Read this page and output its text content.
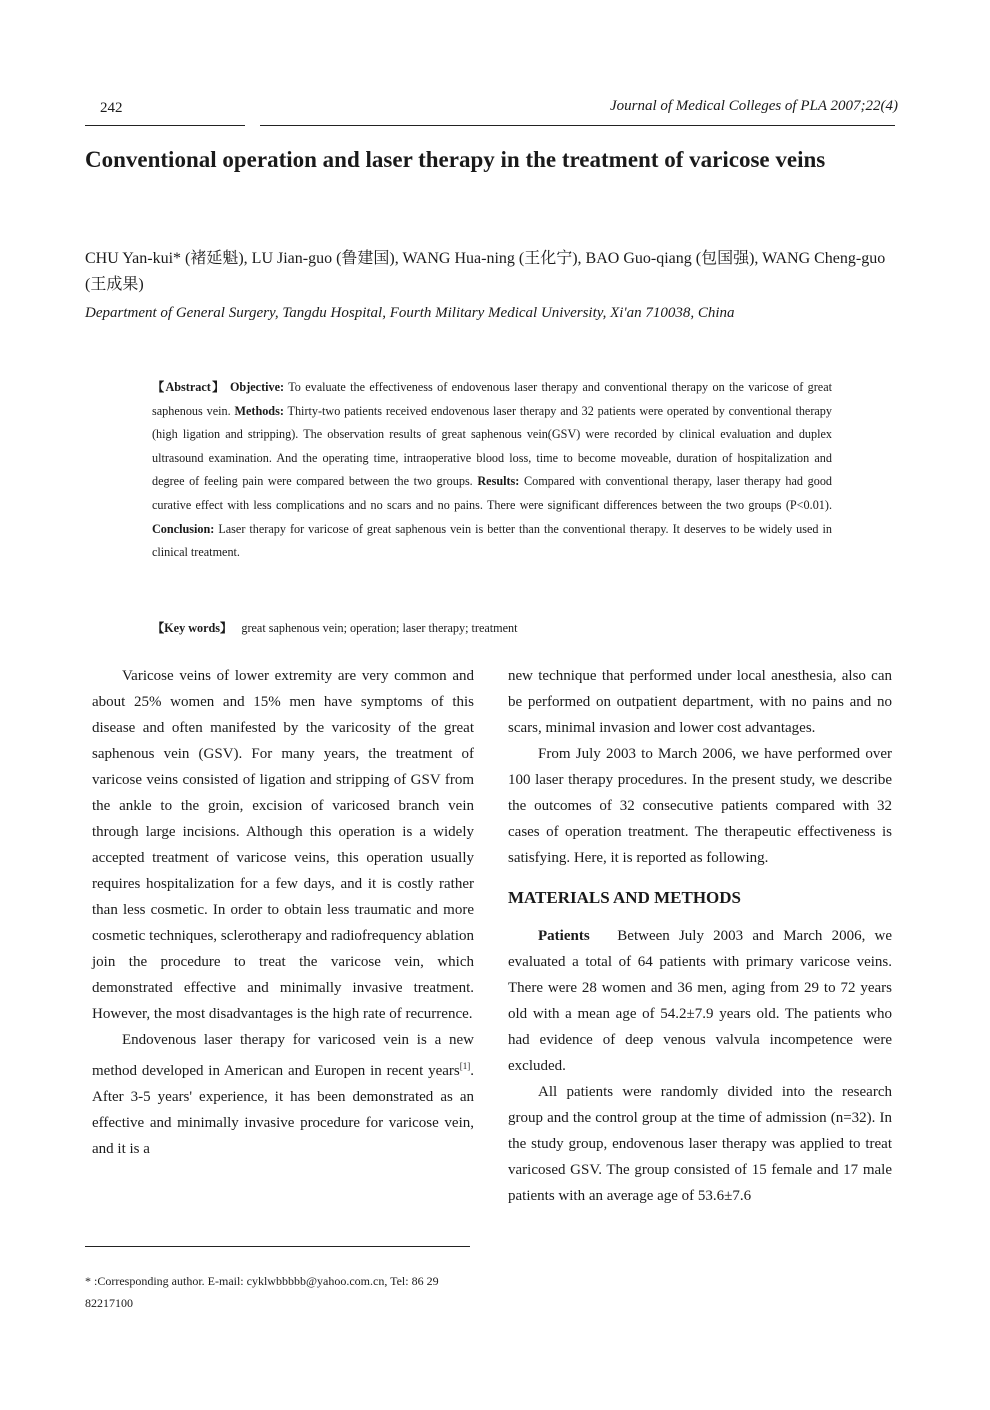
242	Journal of Medical Colleges of PLA 2007;22(4)
Conventional operation and laser therapy in the treatment of varicose veins
CHU Yan-kui* (褚延魁), LU Jian-guo (鲁建国), WANG Hua-ning (王化宁), BAO Guo-qiang (包国强), WANG Cheng-guo (王成果)
Department of General Surgery, Tangdu Hospital, Fourth Military Medical University, Xi'an 710038, China
【Abstract】 Objective: To evaluate the effectiveness of endovenous laser therapy and conventional therapy on the varicose of great saphenous vein. Methods: Thirty-two patients received endovenous laser therapy and 32 patients were operated by conventional therapy (high ligation and stripping). The observation results of great saphenous vein(GSV) were recorded by clinical evaluation and duplex ultrasound examination. And the operating time, intraoperative blood loss, time to become moveable, duration of hospitalization and degree of feeling pain were compared between the two groups. Results: Compared with conventional therapy, laser therapy had good curative effect with less complications and no scars and no pains. There were significant differences between the two groups (P<0.01). Conclusion: Laser therapy for varicose of great saphenous vein is better than the conventional therapy. It deserves to be widely used in clinical treatment.
【Key words】 great saphenous vein; operation; laser therapy; treatment

Varicose veins of lower extremity are very common and about 25% women and 15% men have symptoms of this disease and often manifested by the varicosity of the great saphenous vein (GSV). For many years, the treatment of varicose veins consisted of ligation and stripping of GSV from the ankle to the groin, excision of varicosed branch vein through large incisions. Although this operation is a widely accepted treatment of varicose veins, this operation usually requires hospitalization for a few days, and it is costly rather than less cosmetic. In order to obtain less traumatic and more cosmetic techniques, sclerotherapy and radiofrequency ablation join the procedure to treat the varicose vein, which demonstrated effective and minimally invasive treatment. However, the most disadvantages is the high rate of recurrence.

Endovenous laser therapy for varicosed vein is a new method developed in American and Europen in recent years[1]. After 3-5 years' experience, it has been demonstrated as an effective and minimally invasive procedure for varicose vein, and it is a

new technique that performed under local anesthesia, also can be performed on outpatient department, with no pains and no scars, minimal invasion and lower cost advantages.

From July 2003 to March 2006, we have performed over 100 laser therapy procedures. In the present study, we describe the outcomes of 32 consecutive patients compared with 32 cases of operation treatment. The therapeutic effectiveness is satisfying. Here, it is reported as following.

MATERIALS AND METHODS

Patients Between July 2003 and March 2006, we evaluated a total of 64 patients with primary varicose veins. There were 28 women and 36 men, aging from 29 to 72 years old with a mean age of 54.2±7.9 years old. The patients who had evidence of deep venous valvula incompetence were excluded.

All patients were randomly divided into the research group and the control group at the time of admission (n=32). In the study group, endovenous laser therapy was applied to treat varicosed GSV. The group consisted of 15 female and 17 male patients with an average age of 53.6±7.6

* :Corresponding author. E-mail: cyklwbbbbb@yahoo.com.cn, Tel: 86 29 82217100
